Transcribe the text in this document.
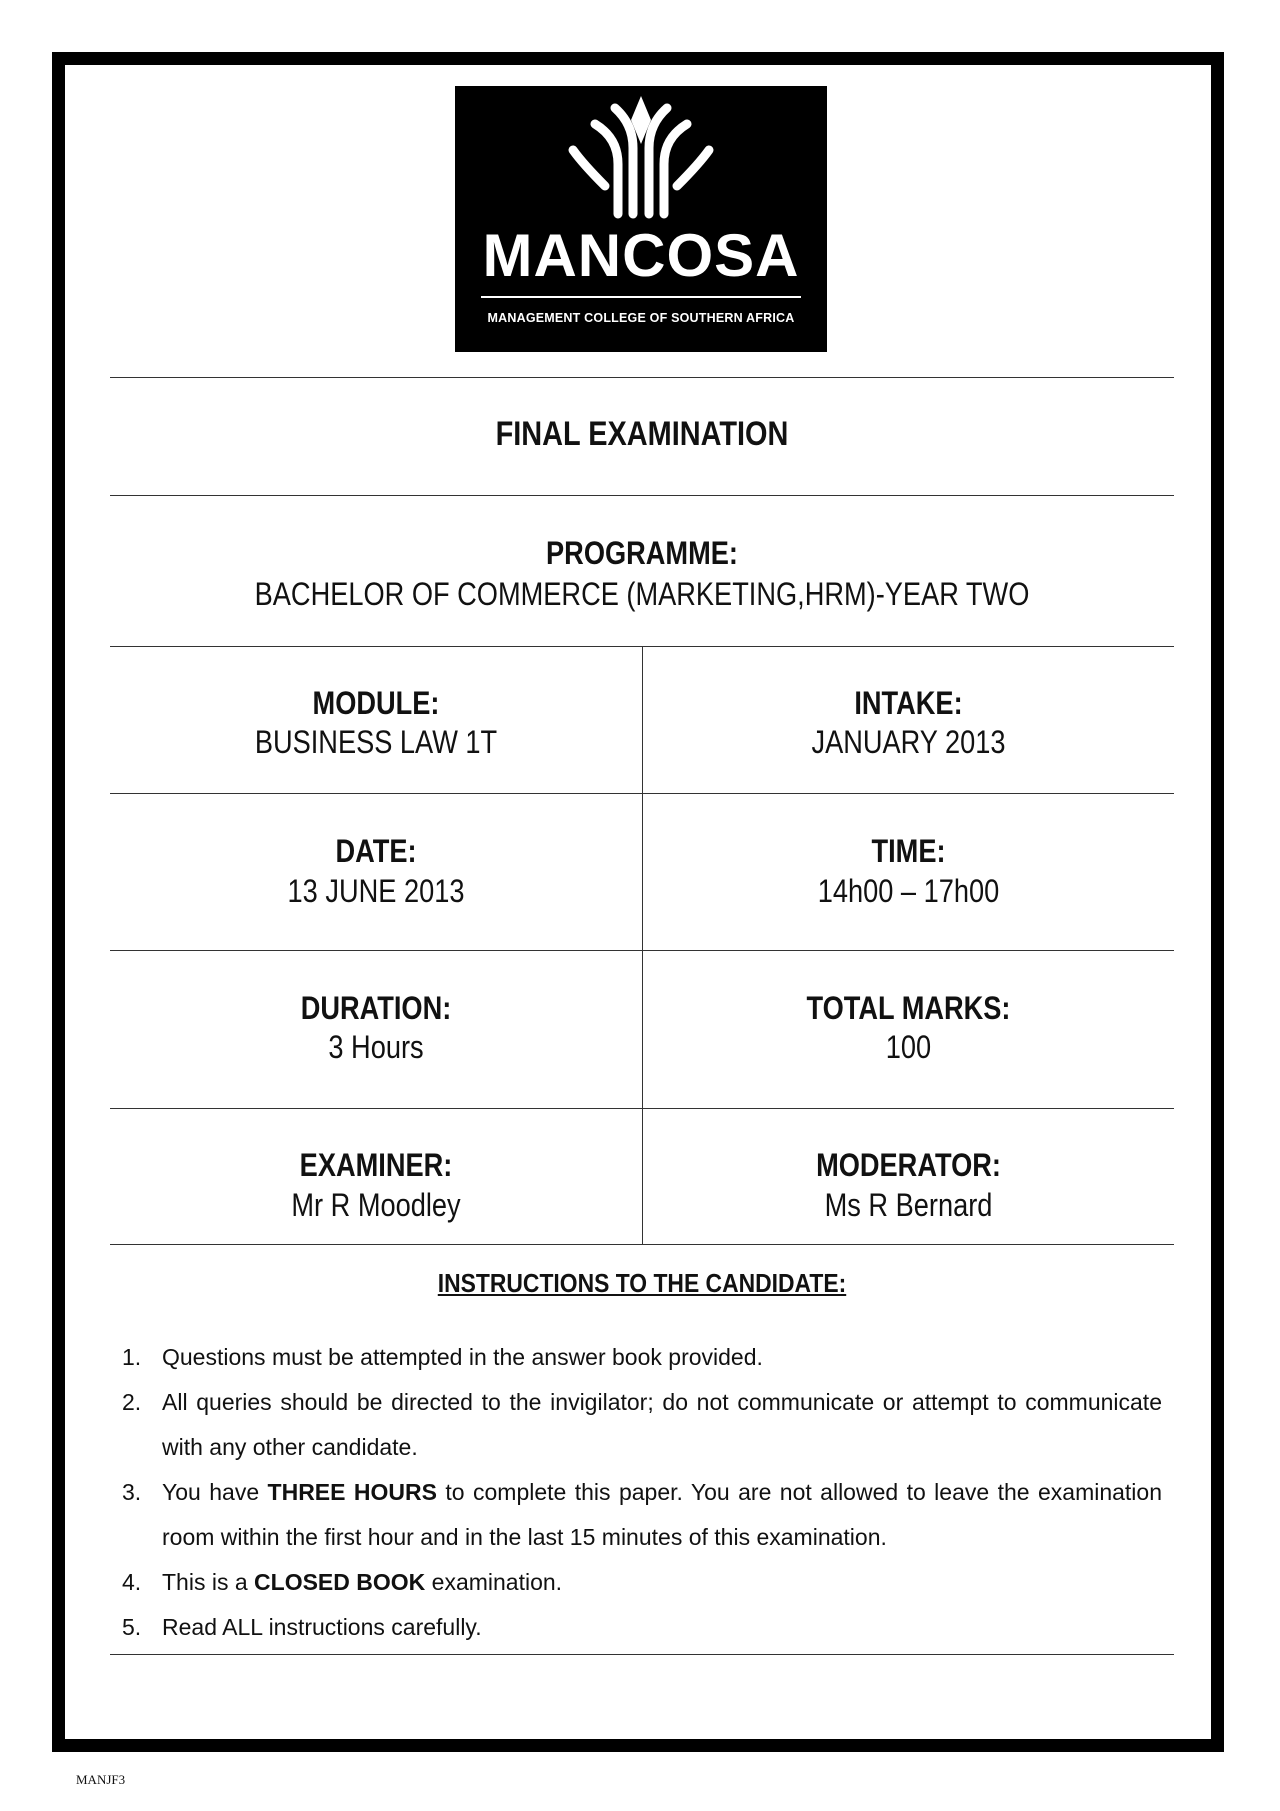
MANCOSA
MANAGEMENT COLLEGE OF SOUTHERN AFRICA
FINAL EXAMINATION
PROGRAMME:
BACHELOR OF COMMERCE (MARKETING,HRM)-YEAR TWO
MODULE:
BUSINESS LAW 1T
INTAKE:
JANUARY 2013
DATE:
13 JUNE 2013
TIME:
14h00 – 17h00
DURATION:
3 Hours
TOTAL MARKS:
100
EXAMINER:
Mr R Moodley
MODERATOR:
Ms R Bernard
INSTRUCTIONS TO THE CANDIDATE:
1. Questions must be attempted in the answer book provided.
2. All queries should be directed to the invigilator; do not communicate or attempt to communicate with any other candidate.
3. You have THREE HOURS to complete this paper. You are not allowed to leave the examination room within the first hour and in the last 15 minutes of this examination.
4. This is a CLOSED BOOK examination.
5. Read ALL instructions carefully.
MANJF3
